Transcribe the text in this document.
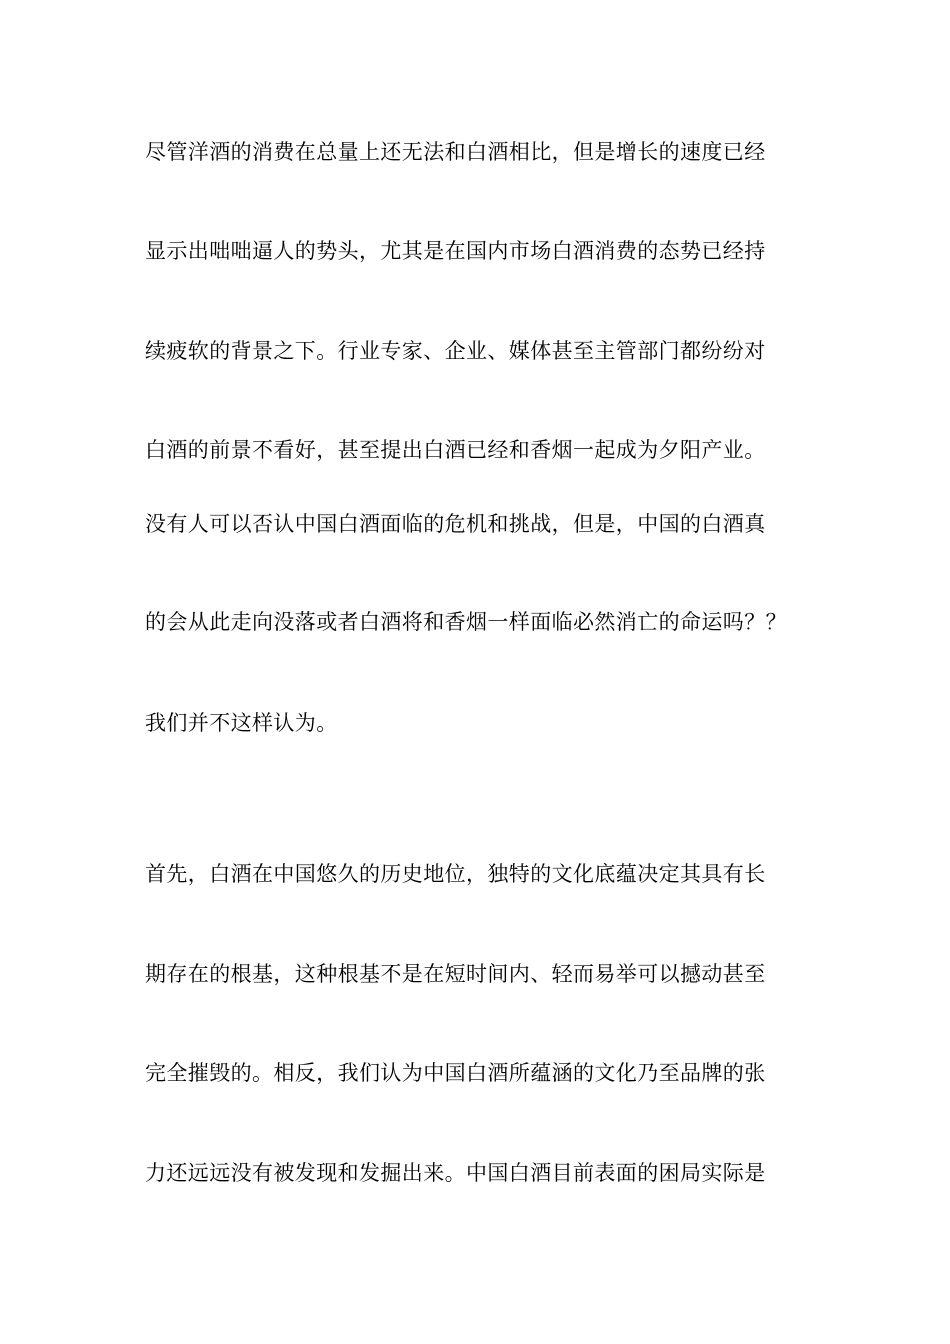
尽管洋酒的消费在总量上还无法和白酒相比，但是增长的速度已经

显示出咄咄逼人的势头，尤其是在国内市场白酒消费的态势已经持

续疲软的背景之下。行业专家、企业、媒体甚至主管部门都纷纷对

白酒的前景不看好，甚至提出白酒已经和香烟一起成为夕阳产业。

没有人可以否认中国白酒面临的危机和挑战，但是，中国的白酒真

的会从此走向没落或者白酒将和香烟一样面临必然消亡的命运吗？？

我们并不这样认为。

首先，白酒在中国悠久的历史地位，独特的文化底蕴决定其具有长

期存在的根基，这种根基不是在短时间内、轻而易举可以撼动甚至

完全摧毁的。相反，我们认为中国白酒所蕴涵的文化乃至品牌的张

力还远远没有被发现和发掘出来。中国白酒目前表面的困局实际是
